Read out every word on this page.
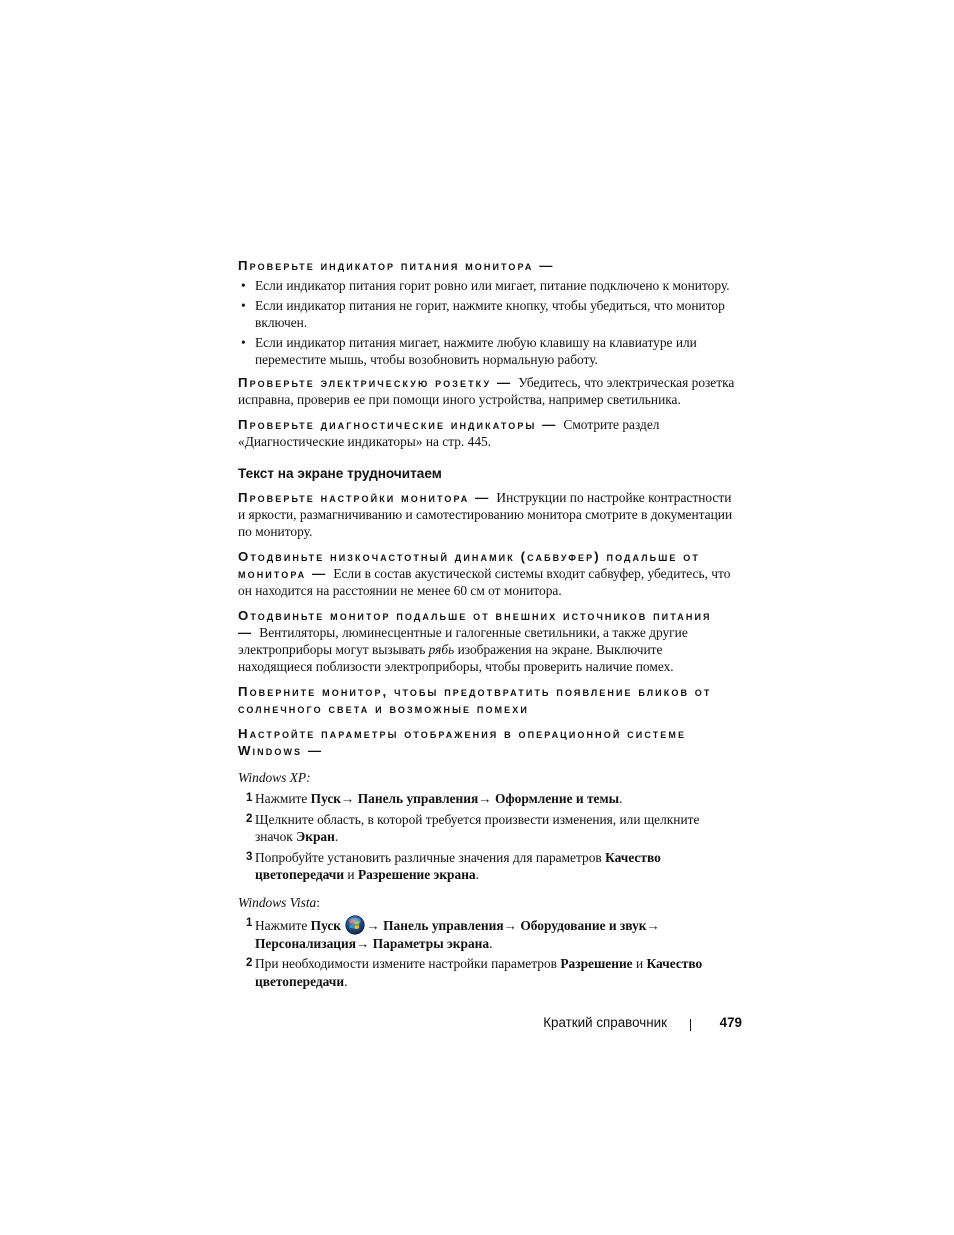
Проверьте индикатор питания монитора —
• Если индикатор питания горит ровно или мигает, питание подключено к монитору.
• Если индикатор питания не горит, нажмите кнопку, чтобы убедиться, что монитор включен.
• Если индикатор питания мигает, нажмите любую клавишу на клавиатуре или переместите мышь, чтобы возобновить нормальную работу.

Проверьте электрическую розетку — Убедитесь, что электрическая розетка исправна, проверив ее при помощи иного устройства, например светильника.

Проверьте диагностические индикаторы — Смотрите раздел «Диагностические индикаторы» на стр. 445.

Текст на экране трудночитаем

Проверьте настройки монитора — Инструкции по настройке контрастности и яркости, размагничиванию и самотестированию монитора смотрите в документации по монитору.

Отодвиньте низкочастотный динамик (сабвуфер) подальше от монитора — Если в состав акустической системы входит сабвуфер, убедитесь, что он находится на расстоянии не менее 60 см от монитора.

Отодвиньте монитор подальше от внешних источников питания — Вентиляторы, люминесцентные и галогенные светильники, а также другие электроприборы могут вызывать рябь изображения на экране. Выключите находящиеся поблизости электроприборы, чтобы проверить наличие помех.

Поверните монитор, чтобы предотвратить появление бликов от солнечного света и возможные помехи

Настройте параметры отображения в операционной системе Windows —

Windows XP:
1 Нажмите Пуск→ Панель управления→ Оформление и темы.
2 Щелкните область, в которой требуется произвести изменения, или щелкните значок Экран.
3 Попробуйте установить различные значения для параметров Качество цветопередачи и Разрешение экрана.
Windows Vista:
1 Нажмите Пуск → Панель управления→ Оборудование и звук→ Персонализация→ Параметры экрана.
2 При необходимости измените настройки параметров Разрешение и Качество цветопередачи.
Краткий справочник	479
